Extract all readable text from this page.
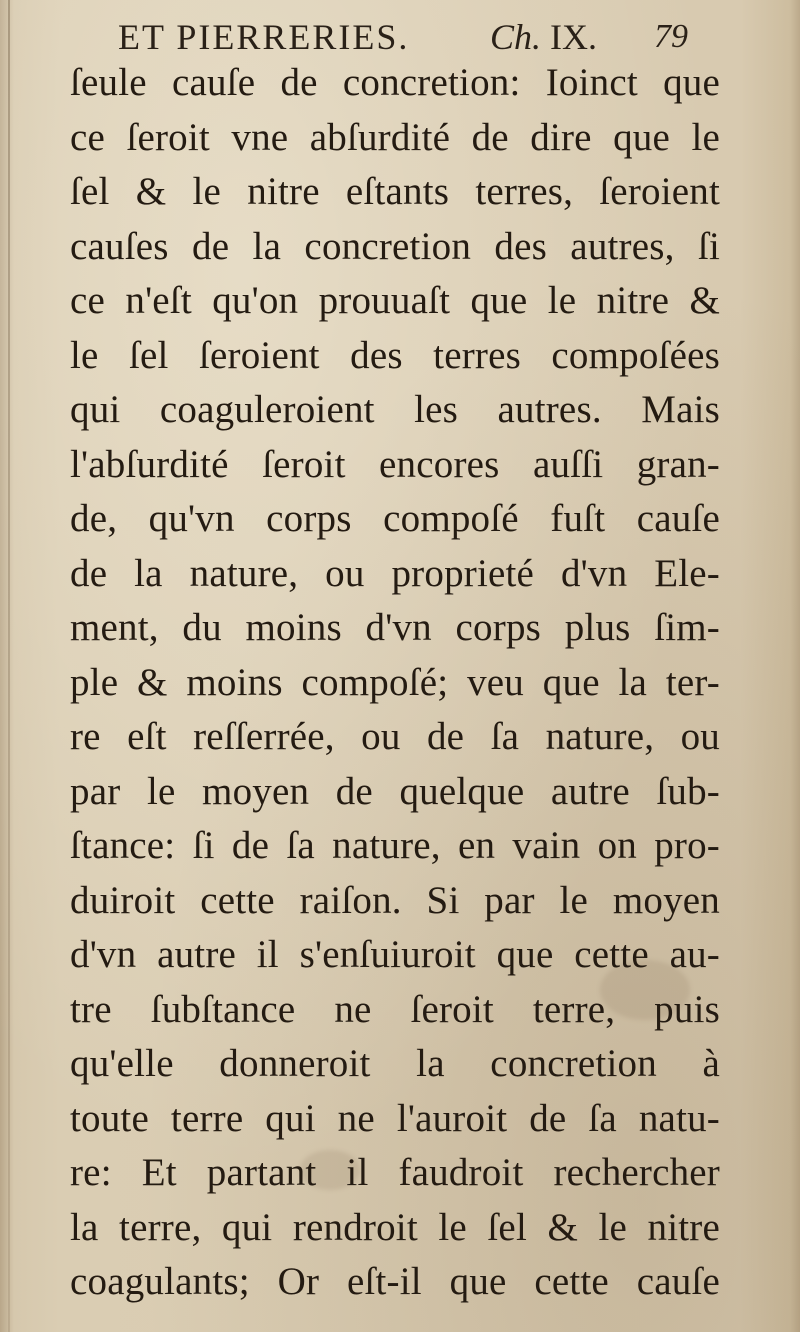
ET PIERRERIES. Ch. IX. 79
ſeule cauſe de concretion: Ioinct que
ce ſeroit vne abſurdité de dire que le
ſel & le nitre eſtants terres, ſeroient
cauſes de la concretion des autres, ſi
ce n'eſt qu'on prouuaſt que le nitre &
le ſel ſeroient des terres compoſées
qui coaguleroient les autres. Mais
l'abſurdité ſeroit encores auſſi gran-
de, qu'vn corps compoſé fuſt cauſe
de la nature, ou proprieté d'vn Ele-
ment, du moins d'vn corps plus ſim-
ple & moins compoſé; veu que la ter-
re eſt reſſerrée, ou de ſa nature, ou
par le moyen de quelque autre ſub-
ſtance: ſi de ſa nature, en vain on pro-
duiroit cette raiſon. Si par le moyen
d'vn autre il s'enſuiuroit que cette au-
tre ſubſtance ne ſeroit terre, puis
qu'elle donneroit la concretion à
toute terre qui ne l'auroit de ſa natu-
re: Et partant il faudroit rechercher
la terre, qui rendroit le ſel & le nitre
coagulants; Or eſt-il que cette cauſe
